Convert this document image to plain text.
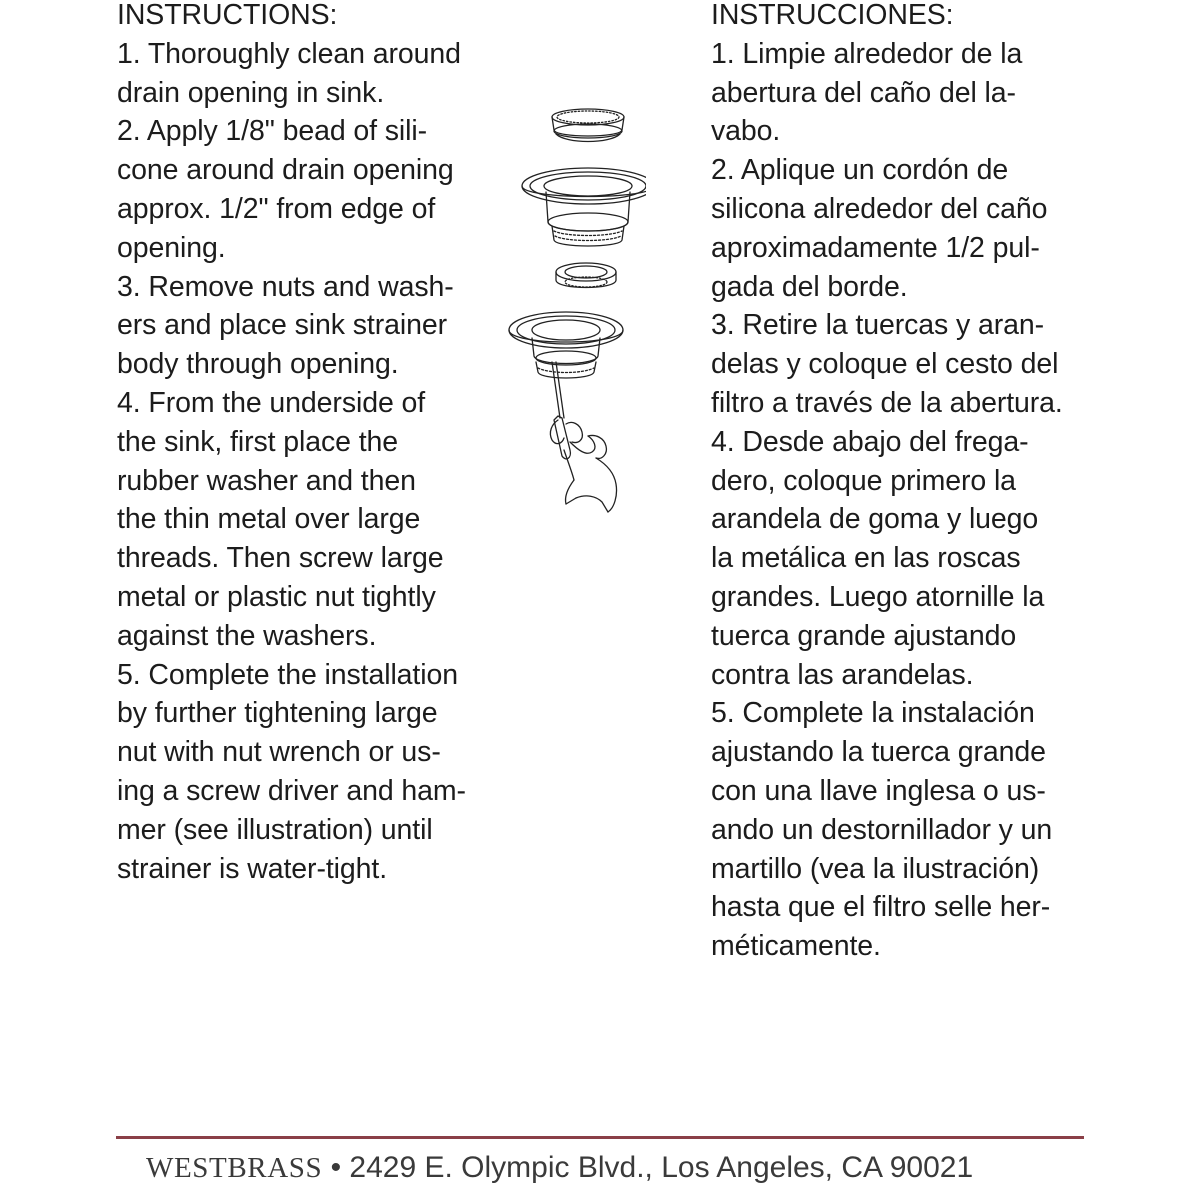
INSTRUCTIONS:
1. Thoroughly clean around
drain opening in sink.
2. Apply 1/8" bead of sili-
cone around drain opening
approx. 1/2" from edge of
opening.
3. Remove nuts and wash-
ers and place sink strainer
body through opening.
4. From the underside of
the sink, first place the
rubber washer and then
the thin metal over large
threads. Then screw large
metal or plastic nut tightly
against the washers.
5. Complete the installation
by further tightening large
nut with nut wrench or us-
ing a screw driver and ham-
mer (see illustration) until
strainer is water-tight.
INSTRUCCIONES:
1. Limpie alrededor de la
abertura del caño del la-
vabo.
2. Aplique un cordón de
silicona alrededor del caño
aproximadamente 1/2 pul-
gada del borde.
3. Retire la tuercas y aran-
delas y coloque el cesto del
filtro a través de la abertura.
4. Desde abajo del frega-
dero, coloque primero la
arandela de goma y luego
la metálica en las roscas
grandes. Luego atornille la
tuerca grande ajustando
contra las arandelas.
5. Complete la instalación
ajustando la tuerca grande
con una llave inglesa o us-
ando un destornillador y un
martillo (vea la ilustración)
hasta que el filtro selle her-
méticamente.
WESTBRASS • 2429 E. Olympic Blvd., Los Angeles, CA 90021
